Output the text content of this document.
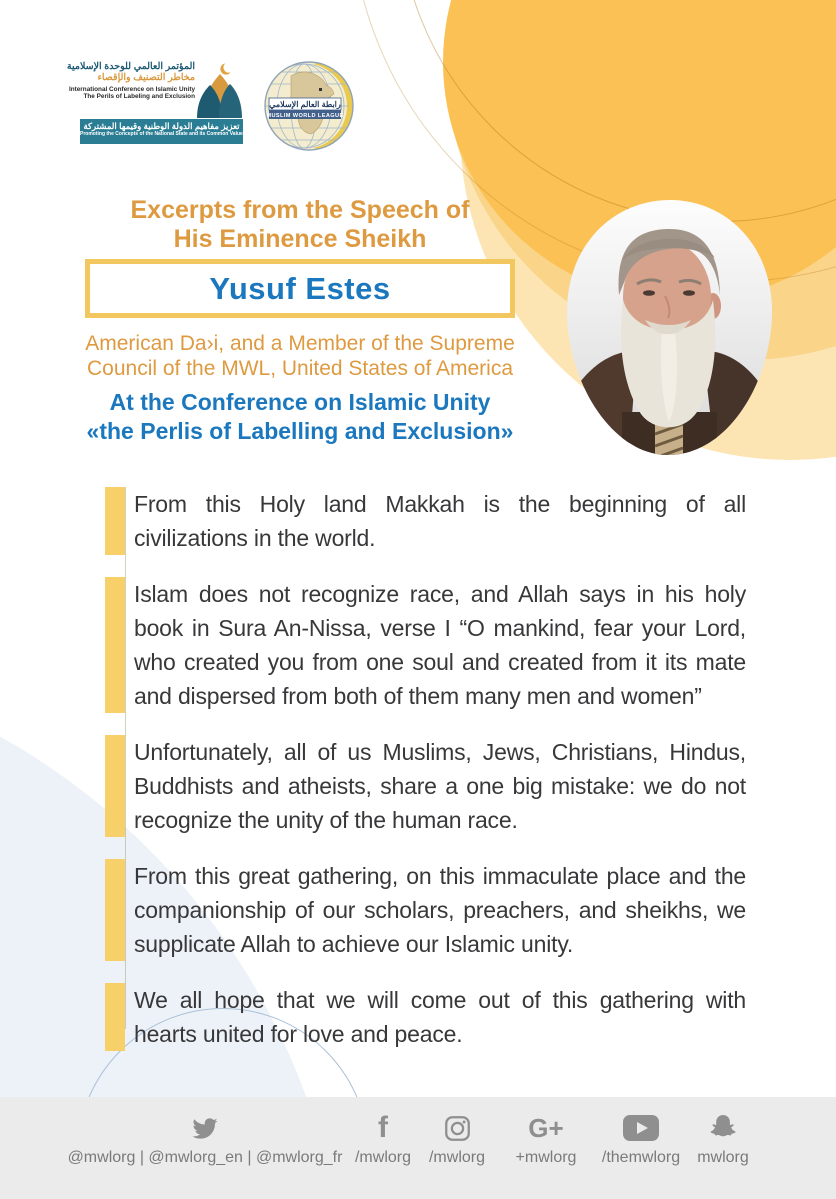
المؤتمر العالمي للوحدة الإسلامية
مخاطر التصنيف والإقصاء
International Conference on Islamic Unity
The Perils of Labeling and Exclusion
تعزيز مفاهيم الدولة الوطنية وقيمها المشتركة
Promoting the Concepts of the National State and its Common Values
رابطة العالم الإسلامي
MUSLIM WORLD LEAGUE
Excerpts from the Speech of
His Eminence Sheikh
Yusuf Estes
American Da›i, and a Member of the Supreme
Council of the MWL, United States of America
At the Conference on Islamic Unity
«the Perlis of Labelling and Exclusion»
From this Holy land Makkah is the beginning of all civilizations in the world.
Islam does not recognize race, and Allah says in his holy book in Sura An-Nissa, verse I “O mankind, fear your Lord, who created you from one soul and created from it its mate and dispersed from both of them many men and women”
Unfortunately, all of us Muslims, Jews, Christians, Hindus, Buddhists and atheists, share a one big mistake: we do not recognize the unity of the human race.
From this great gathering, on this immaculate place and the companionship of our scholars, preachers, and sheikhs, we supplicate Allah to achieve our Islamic unity.
We all hope that we will come out of this gathering with hearts united for love and peace.
@mwlorg | @mwlorg_en | @mwlorg_fr
f
/mwlorg	/mwlorg
G+
+mwlorg	/themwlorg	mwlorg
